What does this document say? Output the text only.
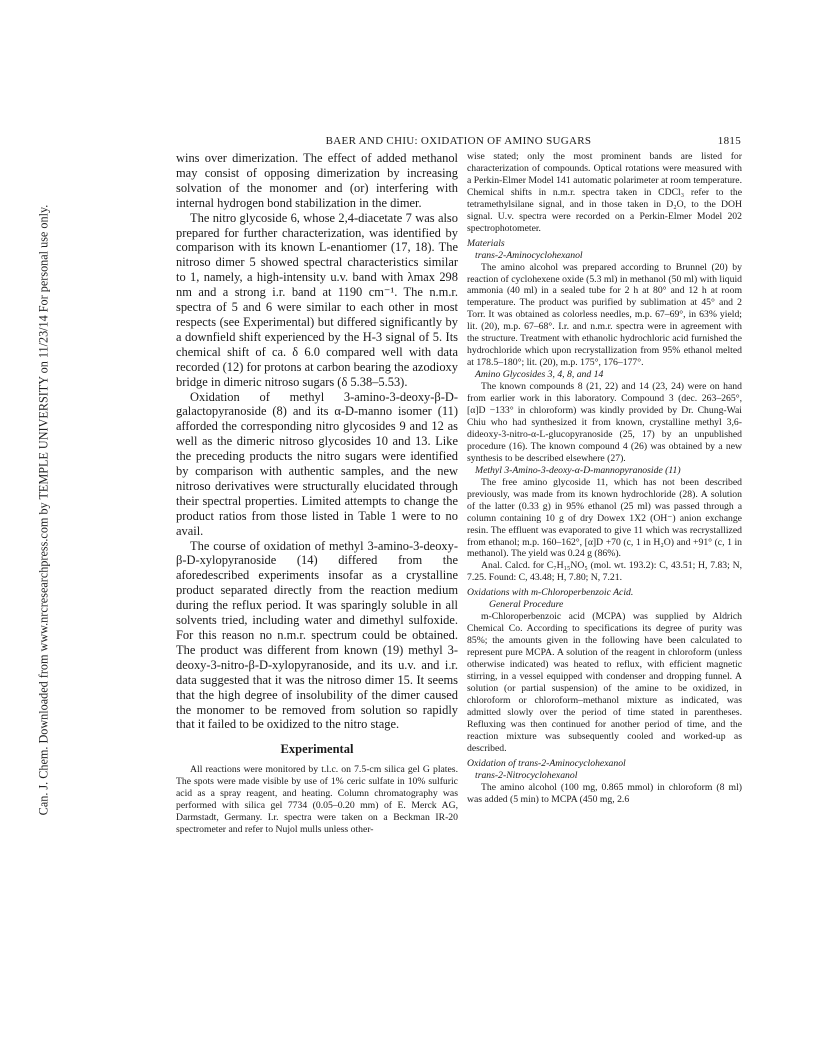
Can. J. Chem. Downloaded from www.nrcresearchpress.com by TEMPLE UNIVERSITY on 11/23/14 For personal use only.
BAER AND CHIU: OXIDATION OF AMINO SUGARS	1815

wins over dimerization. The effect of added methanol may consist of opposing dimerization by increasing solvation of the monomer and (or) interfering with internal hydrogen bond stabilization in the dimer.

The nitro glycoside 6, whose 2,4-diacetate 7 was also prepared for further characterization, was identified by comparison with its known L-enantiomer (17, 18). The nitroso dimer 5 showed spectral characteristics similar to 1, namely, a high-intensity u.v. band with λmax 298 nm and a strong i.r. band at 1190 cm⁻¹. The n.m.r. spectra of 5 and 6 were similar to each other in most respects (see Experimental) but differed significantly by a downfield shift experienced by the H-3 signal of 5. Its chemical shift of ca. δ 6.0 compared well with data recorded (12) for protons at carbon bearing the azodioxy bridge in dimeric nitroso sugars (δ 5.38–5.53).

Oxidation of methyl 3-amino-3-deoxy-β-D-galactopyranoside (8) and its α-D-manno isomer (11) afforded the corresponding nitro glycosides 9 and 12 as well as the dimeric nitroso glycosides 10 and 13. Like the preceding products the nitro sugars were identified by comparison with authentic samples, and the new nitroso derivatives were structurally elucidated through their spectral properties. Limited attempts to change the product ratios from those listed in Table 1 were to no avail.

The course of oxidation of methyl 3-amino-3-deoxy-β-D-xylopyranoside (14) differed from the aforedescribed experiments insofar as a crystalline product separated directly from the reaction medium during the reflux period. It was sparingly soluble in all solvents tried, including water and dimethyl sulfoxide. For this reason no n.m.r. spectrum could be obtained. The product was different from known (19) methyl 3-deoxy-3-nitro-β-D-xylopyranoside, and its u.v. and i.r. data suggested that it was the nitroso dimer 15. It seems that the high degree of insolubility of the dimer caused the monomer to be removed from solution so rapidly that it failed to be oxidized to the nitro stage.

Experimental

All reactions were monitored by t.l.c. on 7.5-cm silica gel G plates. The spots were made visible by use of 1% ceric sulfate in 10% sulfuric acid as a spray reagent, and heating. Column chromatography was performed with silica gel 7734 (0.05–0.20 mm) of E. Merck AG, Darmstadt, Germany. I.r. spectra were taken on a Beckman IR-20 spectrometer and refer to Nujol mulls unless other-

wise stated; only the most prominent bands are listed for characterization of compounds. Optical rotations were measured with a Perkin-Elmer Model 141 automatic polarimeter at room temperature. Chemical shifts in n.m.r. spectra taken in CDCl₃ refer to the tetramethylsilane signal, and in those taken in D₂O, to the DOH signal. U.v. spectra were recorded on a Perkin-Elmer Model 202 spectrophotometer.

Materials

trans-2-Aminocyclohexanol

The amino alcohol was prepared according to Brunnel (20) by reaction of cyclohexene oxide (5.3 ml) in methanol (50 ml) with liquid ammonia (40 ml) in a sealed tube for 2 h at 80° and 12 h at room temperature. The product was purified by sublimation at 45° and 2 Torr. It was obtained as colorless needles, m.p. 67–69°, in 63% yield; lit. (20), m.p. 67–68°. I.r. and n.m.r. spectra were in agreement with the structure. Treatment with ethanolic hydrochloric acid furnished the hydrochloride which upon recrystallization from 95% ethanol melted at 178.5–180°; lit. (20), m.p. 175°, 176–177°.

Amino Glycosides 3, 4, 8, and 14

The known compounds 8 (21, 22) and 14 (23, 24) were on hand from earlier work in this laboratory. Compound 3 (dec. 263–265°, [α]D −133° in chloroform) was kindly provided by Dr. Chung-Wai Chiu who had synthesized it from known, crystalline methyl 3,6-dideoxy-3-nitro-α-L-glucopyranoside (25, 17) by an unpublished procedure (16). The known compound 4 (26) was obtained by a new synthesis to be described elsewhere (27).

Methyl 3-Amino-3-deoxy-α-D-mannopyranoside (11)

The free amino glycoside 11, which has not been described previously, was made from its known hydrochloride (28). A solution of the latter (0.33 g) in 95% ethanol (25 ml) was passed through a column containing 10 g of dry Dowex 1X2 (OH⁻) anion exchange resin. The effluent was evaporated to give 11 which was recrystallized from ethanol; m.p. 160–162°, [α]D +70 (c, 1 in H₂O) and +91° (c, 1 in methanol). The yield was 0.24 g (86%).

Anal. Calcd. for C₇H₁₅NO₅ (mol. wt. 193.2): C, 43.51; H, 7.83; N, 7.25. Found: C, 43.48; H, 7.80; N, 7.21.

Oxidations with m-Chloroperbenzoic Acid.

General Procedure

m-Chloroperbenzoic acid (MCPA) was supplied by Aldrich Chemical Co. According to specifications its degree of purity was 85%; the amounts given in the following have been calculated to represent pure MCPA. A solution of the reagent in chloroform (unless otherwise indicated) was heated to reflux, with efficient magnetic stirring, in a vessel equipped with condenser and dropping funnel. A solution (or partial suspension) of the amine to be oxidized, in chloroform or chloroform–methanol mixture as indicated, was admitted slowly over the period of time stated in parentheses. Refluxing was then continued for another period of time, and the reaction mixture was subsequently cooled and worked-up as described.

Oxidation of trans-2-Aminocyclohexanol

trans-2-Nitrocyclohexanol

The amino alcohol (100 mg, 0.865 mmol) in chloroform (8 ml) was added (5 min) to MCPA (450 mg, 2.6
